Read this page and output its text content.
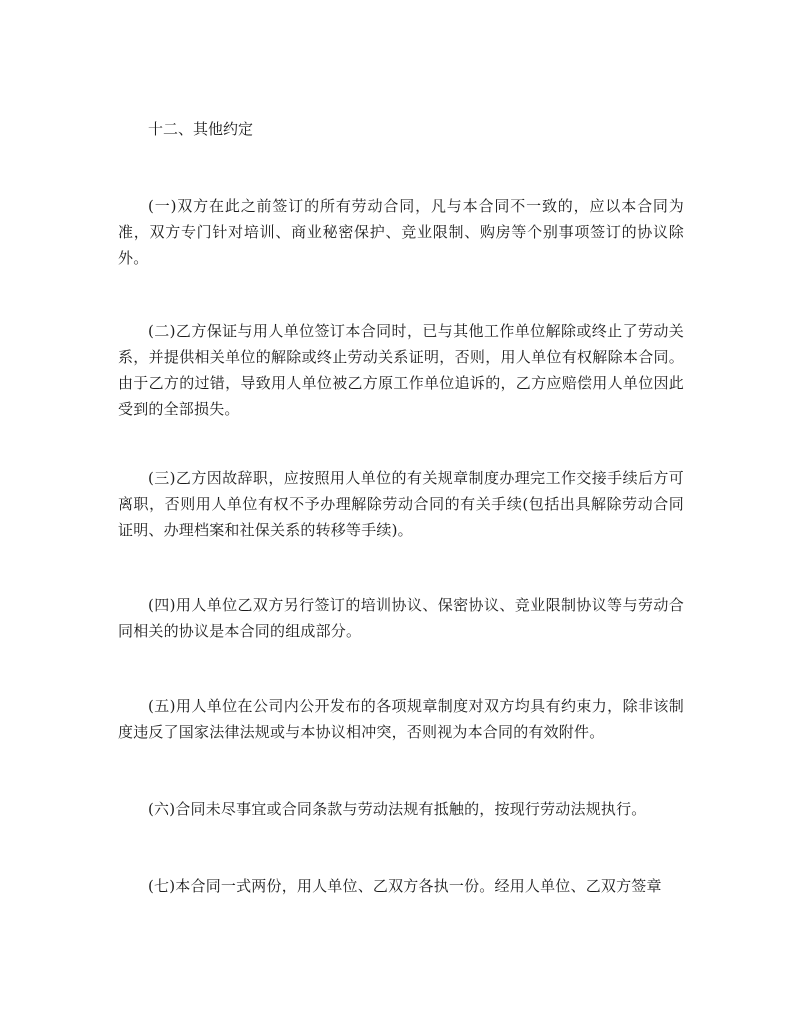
十二、其他约定

(一)双方在此之前签订的所有劳动合同，凡与本合同不一致的，应以本合同为准，双方专门针对培训、商业秘密保护、竞业限制、购房等个别事项签订的协议除外。

(二)乙方保证与用人单位签订本合同时，已与其他工作单位解除或终止了劳动关系，并提供相关单位的解除或终止劳动关系证明，否则，用人单位有权解除本合同。由于乙方的过错，导致用人单位被乙方原工作单位追诉的，乙方应赔偿用人单位因此受到的全部损失。

(三)乙方因故辞职，应按照用人单位的有关规章制度办理完工作交接手续后方可离职，否则用人单位有权不予办理解除劳动合同的有关手续(包括出具解除劳动合同证明、办理档案和社保关系的转移等手续)。

(四)用人单位乙双方另行签订的培训协议、保密协议、竞业限制协议等与劳动合同相关的协议是本合同的组成部分。

(五)用人单位在公司内公开发布的各项规章制度对双方均具有约束力，除非该制度违反了国家法律法规或与本协议相冲突，否则视为本合同的有效附件。

(六)合同未尽事宜或合同条款与劳动法规有抵触的，按现行劳动法规执行。

(七)本合同一式两份，用人单位、乙双方各执一份。经用人单位、乙双方签章
